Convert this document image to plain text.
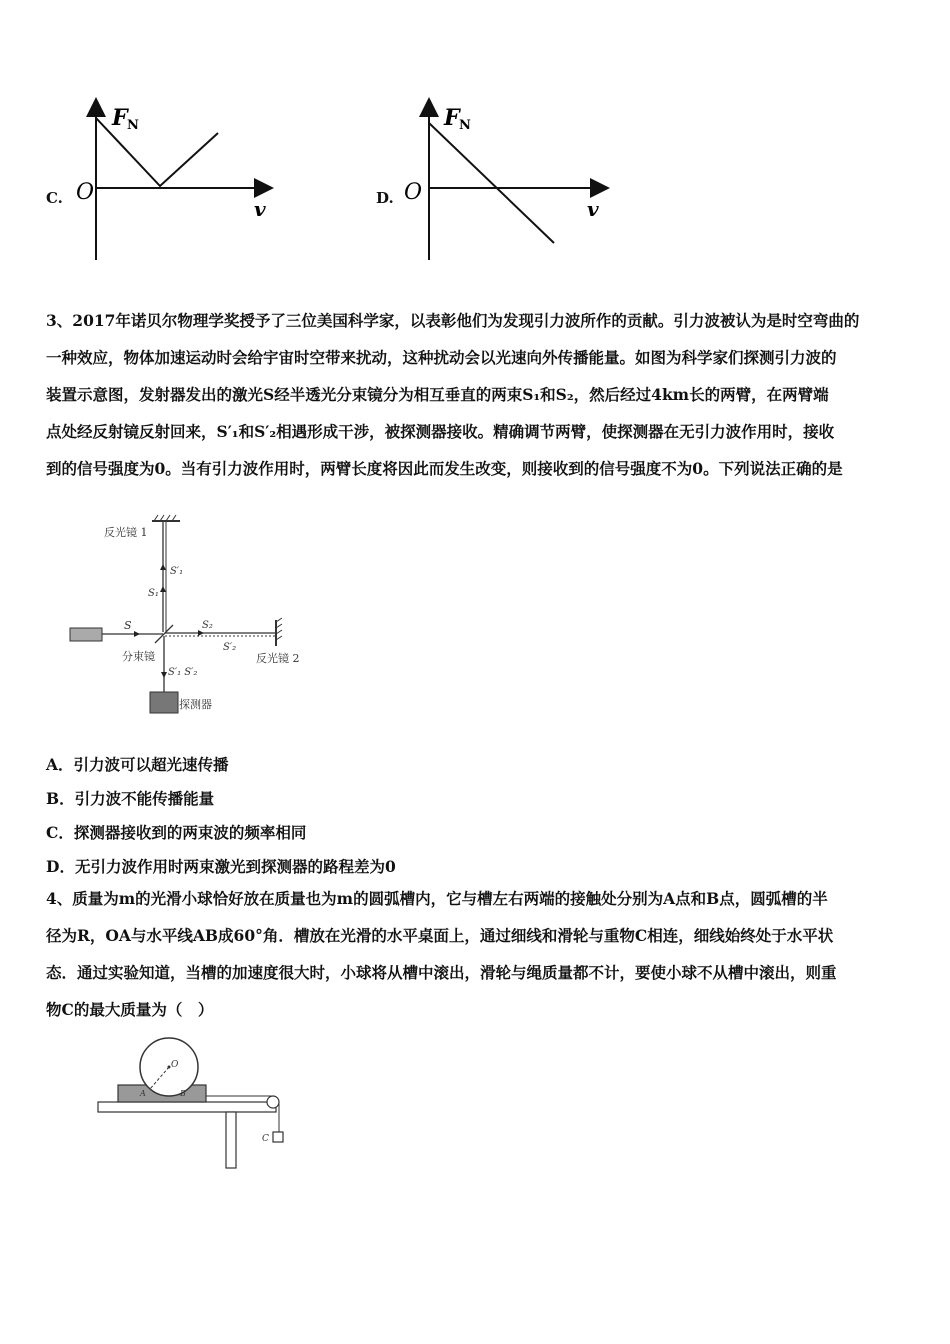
C.
F N
O
v	D.
F N
O
v
3、2017年诺贝尔物理学奖授予了三位美国科学家，以表彰他们为发现引力波所作的贡献。引力波被认为是时空弯曲的
一种效应，物体加速运动时会给宇宙时空带来扰动，这种扰动会以光速向外传播能量。如图为科学家们探测引力波的
装置示意图，发射器发出的激光S经半透光分束镜分为相互垂直的两束S₁和S₂，然后经过4km长的两臂，在两臂端
点处经反射镜反射回来，S′₁和S′₂相遇形成干涉，被探测器接收。精确调节两臂，使探测器在无引力波作用时，接收
到的信号强度为0。当有引力波作用时，两臂长度将因此而发生改变，则接收到的信号强度不为0。下列说法正确的是
反光镜 1
S′₁
S₁
S
分束镜
S₂
S′₂
反光镜 2
S′₁ S′₂
探测器
A．引力波可以超光速传播
B．引力波不能传播能量
C．探测器接收到的两束波的频率相同
D．无引力波作用时两束激光到探测器的路程差为0
4、质量为m的光滑小球恰好放在质量也为m的圆弧槽内，它与槽左右两端的接触处分别为A点和B点，圆弧槽的半
径为R，OA与水平线AB成60°角．槽放在光滑的水平桌面上，通过细线和滑轮与重物C相连，细线始终处于水平状
态．通过实验知道，当槽的加速度很大时，小球将从槽中滚出，滑轮与绳质量都不计，要使小球不从槽中滚出，则重
物C的最大质量为（　）
O
A	B
C
